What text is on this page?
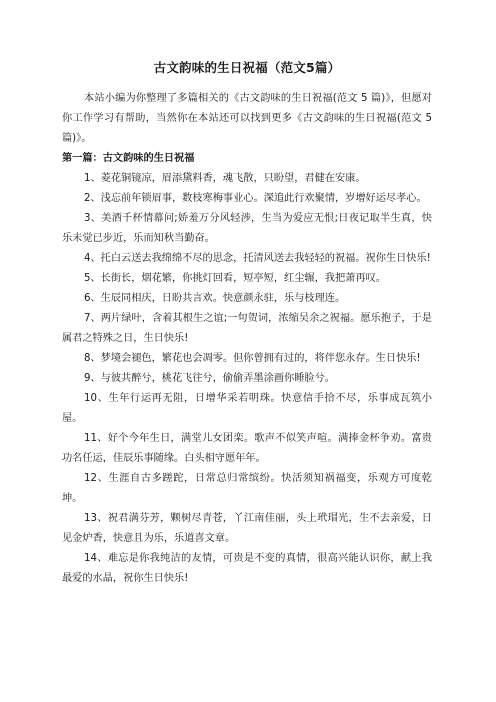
古文韵味的生日祝福（范文5篇）

本站小编为你整理了多篇相关的《古文韵味的生日祝福(范文 5 篇)》，但愿对你工作学习有帮助，当然你在本站还可以找到更多《古文韵味的生日祝福(范文 5 篇)》。

第一篇：古文韵味的生日祝福

1、菱花铜镜凉，眉添黛料香，魂飞散，只盼望，君健在安康。

2、浅忘前年锁眉事，数枝寒梅事业心。深追此行欢聚情，岁增好运尽孝心。

3、美酒千杯情幕问;娇羞万分风轻涉，生当为爱应无恨;日夜记取半生真，快乐未觉已步近，乐而知秋当勤奋。

4、托白云送去我绵绵不尽的思念，托清风送去我轻轻的祝福。祝你生日快乐!

5、长街长，烟花繁，你挑灯回看，短亭短，红尘辗，我把萧再叹。

6、生辰同相庆，日盼共言欢。快意颜永驻，乐与枝理连。

7、两片绿叶，含着其根生之谊;一句贺词，浓缩吴余之祝福。愿乐抱子，于是属君之特殊之日，生日快乐!

8、梦境会褪色，繁花也会凋零。但你曾拥有过的，将伴您永存。生日快乐!

9、与彼共醉兮，桃花飞往兮，偷偷弄墨涂画你睡脸兮。

10、生年行运再无阻，日增华采若明珠。快意信手拾不尽，乐事成瓦筑小屋。

11、好个今年生日，满堂儿女团栾。歌声不似笑声喧。满捧金杯争劝。富贵功名任运，佳辰乐事随缘。白头相守愿年年。

12、生涯自古多蹉跎，日常总归常缤纷。快活须知祸福变，乐观方可度乾坤。

13、祝君满芬芳，颗树尽青苍，丫江南佳丽，头上玳瑁光，生不去亲爱，日见金炉香，快意且为乐，乐道喜文章。

14、难忘是你我纯洁的友情，可贵是不变的真情，很高兴能认识你，献上我最爱的水晶，祝你生日快乐!
